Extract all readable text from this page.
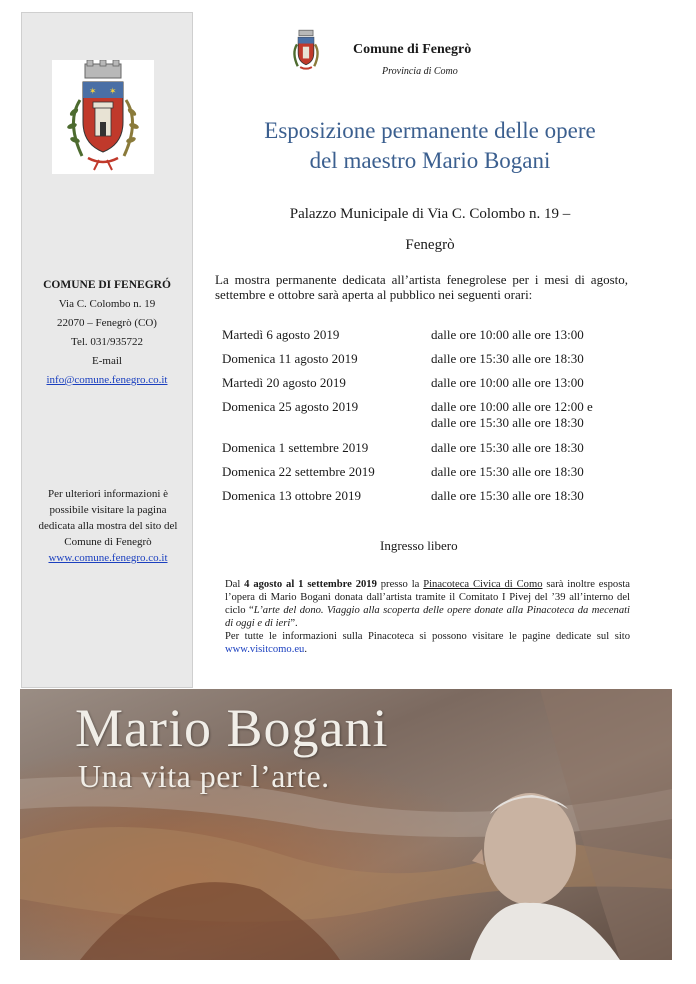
✶ ✶
COMUNE DI FENEGRÓ
Via C. Colombo n. 19
22070 – Fenegrò (CO)
Tel. 031/935722
E-mail
info@comune.fenegro.co.it
Per ulteriori informazioni è possibile visitare la pagina dedicata alla mostra del sito del Comune di Fenegrò
www.comune.fenegro.co.it
Comune di Fenegrò
Provincia di Como
Esposizione permanente delle opere
del maestro Mario Bogani
Palazzo Municipale di Via C. Colombo n. 19 –
Fenegrò
La mostra permanente dedicata all’artista fenegrolese per i mesi di agosto, settembre e ottobre sarà aperta al pubblico nei seguenti orari:
Martedì 6 agosto 2019	dalle ore 10:00 alle ore 13:00
Domenica 11 agosto 2019	dalle ore 15:30 alle ore 18:30
Martedì 20 agosto 2019	dalle ore 10:00 alle ore 13:00
Domenica 25 agosto 2019	dalle ore 10:00 alle ore 12:00 e
dalle ore 15:30 alle ore 18:30
Domenica 1 settembre 2019	dalle ore 15:30 alle ore 18:30
Domenica 22 settembre 2019	dalle ore 15:30 alle ore 18:30
Domenica 13 ottobre 2019	dalle ore 15:30 alle ore 18:30
Ingresso libero
Dal 4 agosto al 1 settembre 2019 presso la Pinacoteca Civica di Como sarà inoltre esposta l’opera di Mario Bogani donata dall’artista tramite il Comitato I Pivej del ’39 all’interno del ciclo “L’arte del dono. Viaggio alla scoperta delle opere donate alla Pinacoteca da mecenati di oggi e di ieri”.
Per tutte le informazioni sulla Pinacoteca si possono visitare le pagine dedicate sul sito www.visitcomo.eu.
Mario Bogani
Una vita per l’arte.
